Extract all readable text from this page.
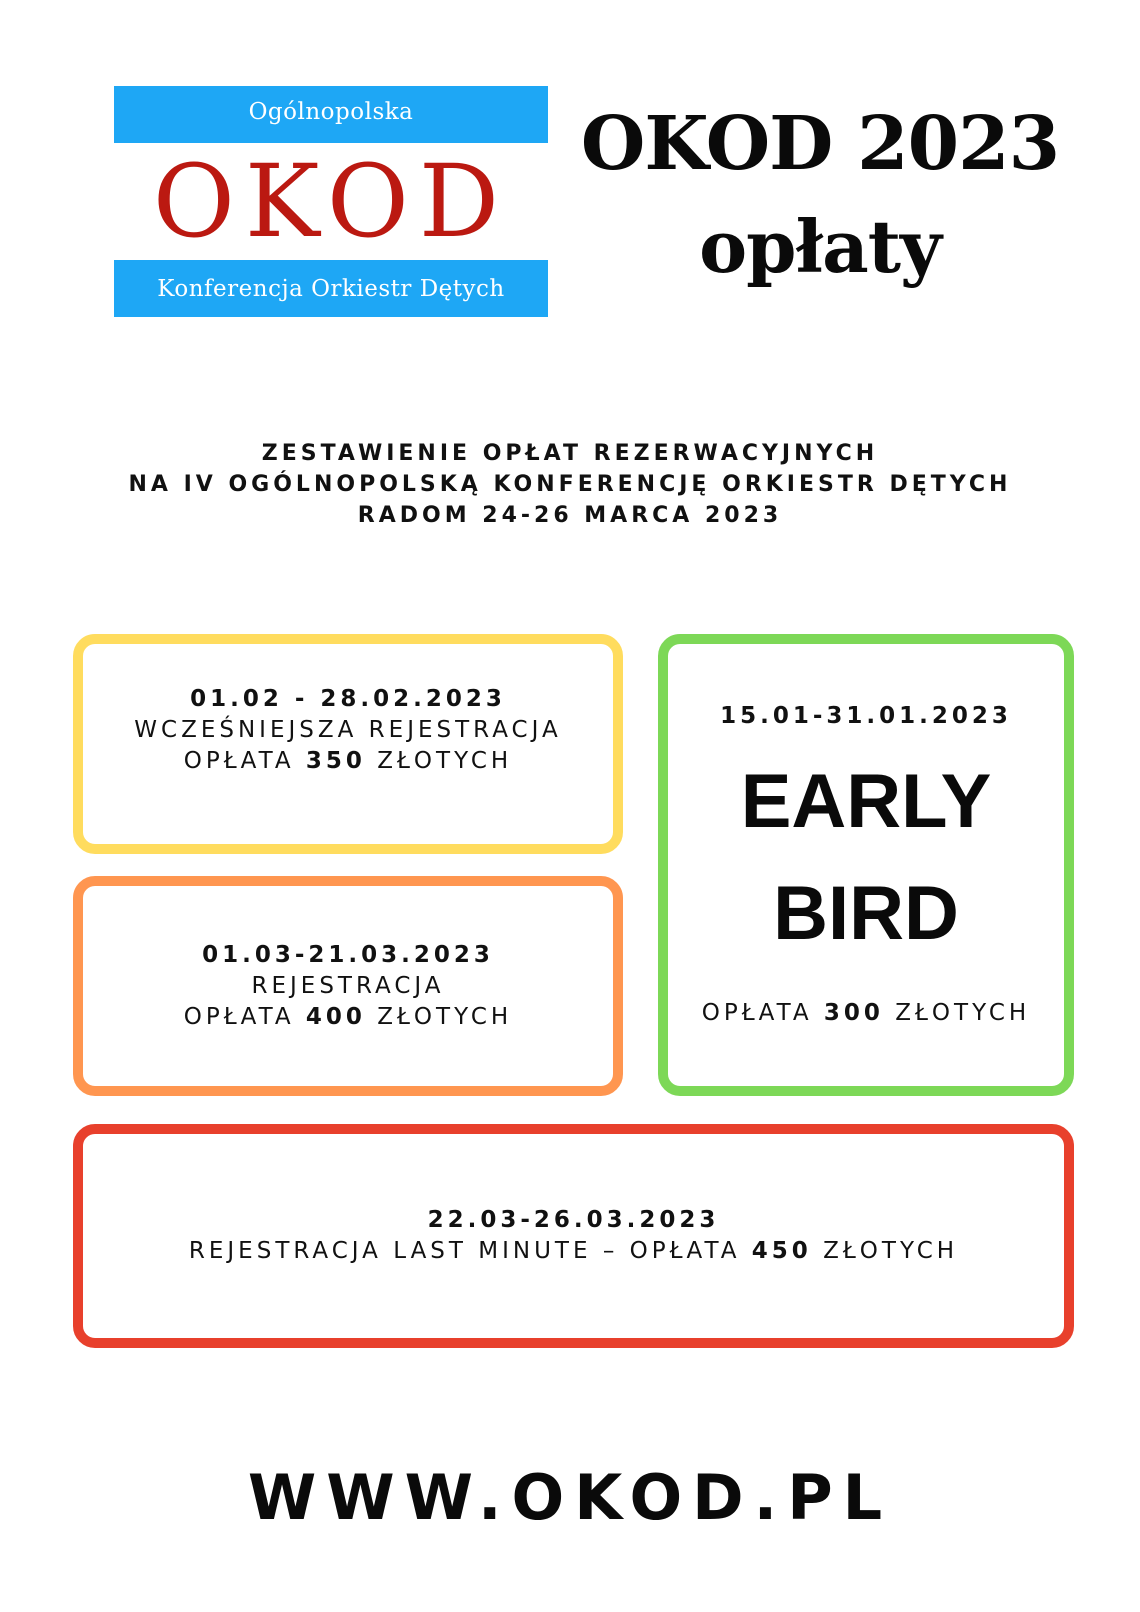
Ogólnopolska
OKOD
Konferencja Orkiestr Dętych
OKOD 2023
opłaty
ZESTAWIENIE OPŁAT REZERWACYJNYCH
NA IV OGÓLNOPOLSKĄ KONFERENCJĘ ORKIESTR DĘTYCH
RADOM 24-26 MARCA 2023
01.02 - 28.02.2023
WCZEŚNIEJSZA REJESTRACJA
OPŁATA 350 ZŁOTYCH
01.03-21.03.2023
REJESTRACJA
OPŁATA 400 ZŁOTYCH
15.01-31.01.2023
EARLY
BIRD
OPŁATA 300 ZŁOTYCH
22.03-26.03.2023
REJESTRACJA LAST MINUTE – OPŁATA 450 ZŁOTYCH
WWW.OKOD.PL
